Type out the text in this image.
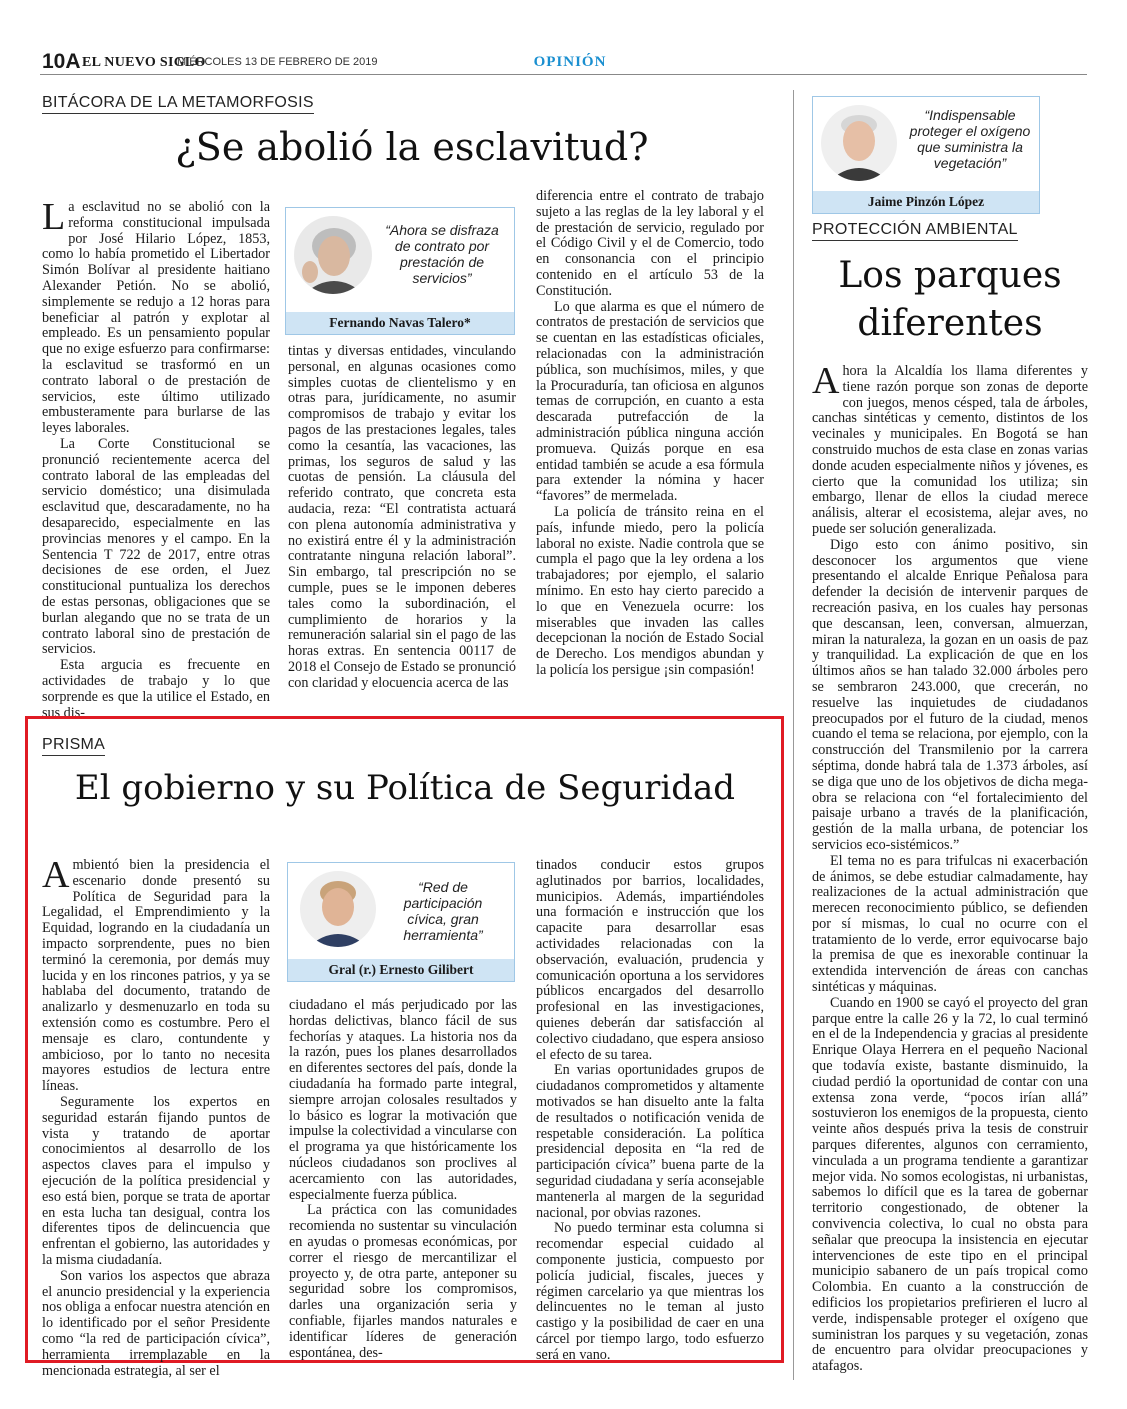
10A EL NUEVO SIGLO
MIÉRCOLES 13 DE FEBRERO DE 2019	OPINIÓN
BITÁCORA DE LA METAMORFOSIS
¿Se abolió la esclavitud?

La esclavitud no se abolió con la reforma constitucional impulsada por José Hilario López, 1853, como lo había prometido el Libertador Simón Bolívar al presidente haitiano Alexander Petión. No se abolió, simplemente se redujo a 12 horas para beneficiar al patrón y explotar al empleado. Es un pensamiento popular que no exige esfuerzo para confirmarse: la esclavitud se trasformó en un contrato laboral o de prestación de servicios, este último utilizado embusteramente para burlarse de las leyes laborales.

La Corte Constitucional se pronunció recientemente acerca del contrato laboral de las empleadas del servicio doméstico; una disimulada esclavitud que, descaradamente, no ha desaparecido, especialmente en las provincias menores y el campo. En la Sentencia T 722 de 2017, entre otras decisiones de ese orden, el Juez constitucional puntualiza los derechos de estas personas, obligaciones que se burlan alegando que no se trata de un contrato laboral sino de prestación de servicios.

Esta argucia es frecuente en actividades de trabajo y lo que sorprende es que la utilice el Estado, en sus dis-

“Ahora se disfraza de contrato por prestación de servicios”
Fernando Navas Talero*

tintas y diversas entidades, vinculando personal, en algunas ocasiones como simples cuotas de clientelismo y en otras para, jurídicamente, no asumir compromisos de trabajo y evitar los pagos de las prestaciones legales, tales como la cesantía, las vacaciones, las primas, los seguros de salud y las cuotas de pensión. La cláusula del referido contrato, que concreta esta audacia, reza: “El contratista actuará con plena autonomía administrativa y no existirá entre él y la administración contratante ninguna relación laboral”. Sin embargo, tal prescripción no se cumple, pues se le imponen deberes tales como la subordinación, el cumplimiento de horarios y la remuneración salarial sin el pago de las horas extras. En sentencia 00117 de 2018 el Consejo de Estado se pronunció con claridad y elocuencia acerca de las

diferencia entre el contrato de trabajo sujeto a las reglas de la ley laboral y el de prestación de servicio, regulado por el Código Civil y el de Comercio, todo en consonancia con el principio contenido en el artículo 53 de la Constitución.

Lo que alarma es que el número de contratos de prestación de servicios que se cuentan en las estadísticas oficiales, relacionadas con la administración pública, son muchísimos, miles, y que la Procuraduría, tan oficiosa en algunos temas de corrupción, en cuanto a esta descarada putrefacción de la administración pública ninguna acción promueva. Quizás porque en esa entidad también se acude a esa fórmula para extender la nómina y hacer “favores” de mermelada.

La policía de tránsito reina en el país, infunde miedo, pero la policía laboral no existe. Nadie controla que se cumpla el pago que la ley ordena a los trabajadores; por ejemplo, el salario mínimo. En esto hay cierto parecido a lo que en Venezuela ocurre: los miserables que invaden las calles decepcionan la noción de Estado Social de Derecho. Los mendigos abundan y la policía los persigue ¡sin compasión!

PRISMA
El gobierno y su Política de Seguridad

Ambientó bien la presidencia el escenario donde presentó su Política de Seguridad para la Legalidad, el Emprendimiento y la Equidad, logrando en la ciudadanía un impacto sorprendente, pues no bien terminó la ceremonia, por demás muy lucida y en los rincones patrios, y ya se hablaba del documento, tratando de analizarlo y desmenuzarlo en toda su extensión como es costumbre. Pero el mensaje es claro, contundente y ambicioso, por lo tanto no necesita mayores estudios de lectura entre líneas.

Seguramente los expertos en seguridad estarán fijando puntos de vista y tratando de aportar conocimientos al desarrollo de los aspectos claves para el impulso y ejecución de la política presidencial y eso está bien, porque se trata de aportar en esta lucha tan desigual, contra los diferentes tipos de delincuencia que enfrentan el gobierno, las autoridades y la misma ciudadanía.

Son varios los aspectos que abraza el anuncio presidencial y la experiencia nos obliga a enfocar nuestra atención en lo identificado por el señor Presidente como “la red de participación cívica”, herramienta irremplazable en la mencionada estrategia, al ser el

“Red de participación cívica, gran herramienta”
Gral (r.) Ernesto Gilibert

ciudadano el más perjudicado por las hordas delictivas, blanco fácil de sus fechorías y ataques. La historia nos da la razón, pues los planes desarrollados en diferentes sectores del país, donde la ciudadanía ha formado parte integral, siempre arrojan colosales resultados y lo básico es lograr la motivación que impulse la colectividad a vincularse con el programa ya que históricamente los núcleos ciudadanos son proclives al acercamiento con las autoridades, especialmente fuerza pública.

La práctica con las comunidades recomienda no sustentar su vinculación en ayudas o promesas económicas, por correr el riesgo de mercantilizar el proyecto y, de otra parte, anteponer su seguridad sobre los compromisos, darles una organización seria y confiable, fijarles mandos naturales e identificar líderes de generación espontánea, des-

tinados conducir estos grupos aglutinados por barrios, localidades, municipios. Además, impartiéndoles una formación e instrucción que los capacite para desarrollar esas actividades relacionadas con la observación, evaluación, prudencia y comunicación oportuna a los servidores públicos encargados del desarrollo profesional en las investigaciones, quienes deberán dar satisfacción al colectivo ciudadano, que espera ansioso el efecto de su tarea.

En varias oportunidades grupos de ciudadanos comprometidos y altamente motivados se han disuelto ante la falta de resultados o notificación venida de respetable consideración. La política presidencial deposita en “la red de participación cívica” buena parte de la seguridad ciudadana y sería aconsejable mantenerla al margen de la seguridad nacional, por obvias razones.

No puedo terminar esta columna si recomendar especial cuidado al componente justicia, compuesto por policía judicial, fiscales, jueces y régimen carcelario ya que mientras los delincuentes no le teman al justo castigo y la posibilidad de caer en una cárcel por tiempo largo, todo esfuerzo será en vano.

“Indispensable proteger el oxígeno que suministra la vegetación”
Jaime Pinzón López
PROTECCIÓN AMBIENTAL
Los parques
diferentes

Ahora la Alcaldía los llama diferentes y tiene razón porque son zonas de deporte con juegos, menos césped, tala de árboles, canchas sintéticas y cemento, distintos de los vecinales y municipales. En Bogotá se han construido muchos de esta clase en zonas varias donde acuden especialmente niños y jóvenes, es cierto que la comunidad los utiliza; sin embargo, llenar de ellos la ciudad merece análisis, alterar el ecosistema, alejar aves, no puede ser solución generalizada.

Digo esto con ánimo positivo, sin desconocer los argumentos que viene presentando el alcalde Enrique Peñalosa para defender la decisión de intervenir parques de recreación pasiva, en los cuales hay personas que descansan, leen, conversan, almuerzan, miran la naturaleza, la gozan en un oasis de paz y tranquilidad. La explicación de que en los últimos años se han talado 32.000 árboles pero se sembraron 243.000, que crecerán, no resuelve las inquietudes de ciudadanos preocupados por el futuro de la ciudad, menos cuando el tema se relaciona, por ejemplo, con la construcción del Transmilenio por la carrera séptima, donde habrá tala de 1.373 árboles, así se diga que uno de los objetivos de dicha mega-obra se relaciona con “el fortalecimiento del paisaje urbano a través de la planificación, gestión de la malla urbana, de potenciar los servicios eco-sistémicos.”

El tema no es para trifulcas ni exacerbación de ánimos, se debe estudiar calmadamente, hay realizaciones de la actual administración que merecen reconocimiento público, se defienden por sí mismas, lo cual no ocurre con el tratamiento de lo verde, error equivocarse bajo la premisa de que es inexorable continuar la extendida intervención de áreas con canchas sintéticas y máquinas.

Cuando en 1900 se cayó el proyecto del gran parque entre la calle 26 y la 72, lo cual terminó en el de la Independencia y gracias al presidente Enrique Olaya Herrera en el pequeño Nacional que todavía existe, bastante disminuido, la ciudad perdió la oportunidad de contar con una extensa zona verde, “pocos irían allá” sostuvieron los enemigos de la propuesta, ciento veinte años después priva la tesis de construir parques diferentes, algunos con cerramiento, vinculada a un programa tendiente a garantizar mejor vida. No somos ecologistas, ni urbanistas, sabemos lo difícil que es la tarea de gobernar territorio congestionado, de obtener la convivencia colectiva, lo cual no obsta para señalar que preocupa la insistencia en ejecutar intervenciones de este tipo en el principal municipio sabanero de un país tropical como Colombia. En cuanto a la construcción de edificios los propietarios prefirieren el lucro al verde, indispensable proteger el oxígeno que suministran los parques y su vegetación, zonas de encuentro para olvidar preocupaciones y atafagos.
